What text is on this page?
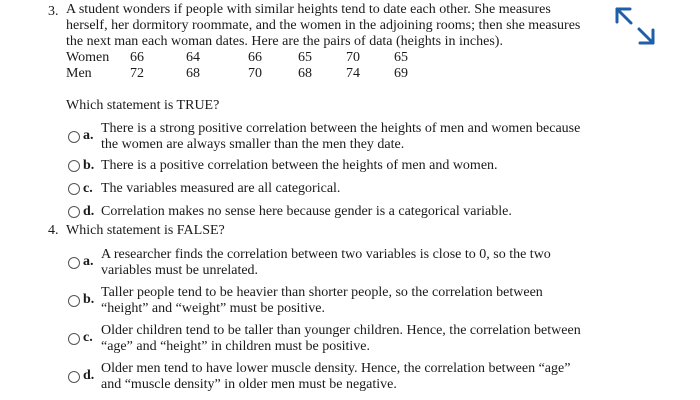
3. A student wonders if people with similar heights tend to date each other. She measures
herself, her dormitory roommate, and the women in the adjoining rooms; then she measures
the next man each woman dates. Here are the pairs of data (heights in inches).
Women	66	64	66	65	70	65
Men	72	68	70	68	74	69
Which statement is TRUE?
a. There is a strong positive correlation between the heights of men and women because
the women are always smaller than the men they date.
b. There is a positive correlation between the heights of men and women.
c. The variables measured are all categorical.
d. Correlation makes no sense here because gender is a categorical variable.
4. Which statement is FALSE?
a. A researcher finds the correlation between two variables is close to 0, so the two
variables must be unrelated.
b. Taller people tend to be heavier than shorter people, so the correlation between
“height” and “weight” must be positive.
c. Older children tend to be taller than younger children. Hence, the correlation between
“age” and “height” in children must be positive.
d. Older men tend to have lower muscle density. Hence, the correlation between “age”
and “muscle density” in older men must be negative.
